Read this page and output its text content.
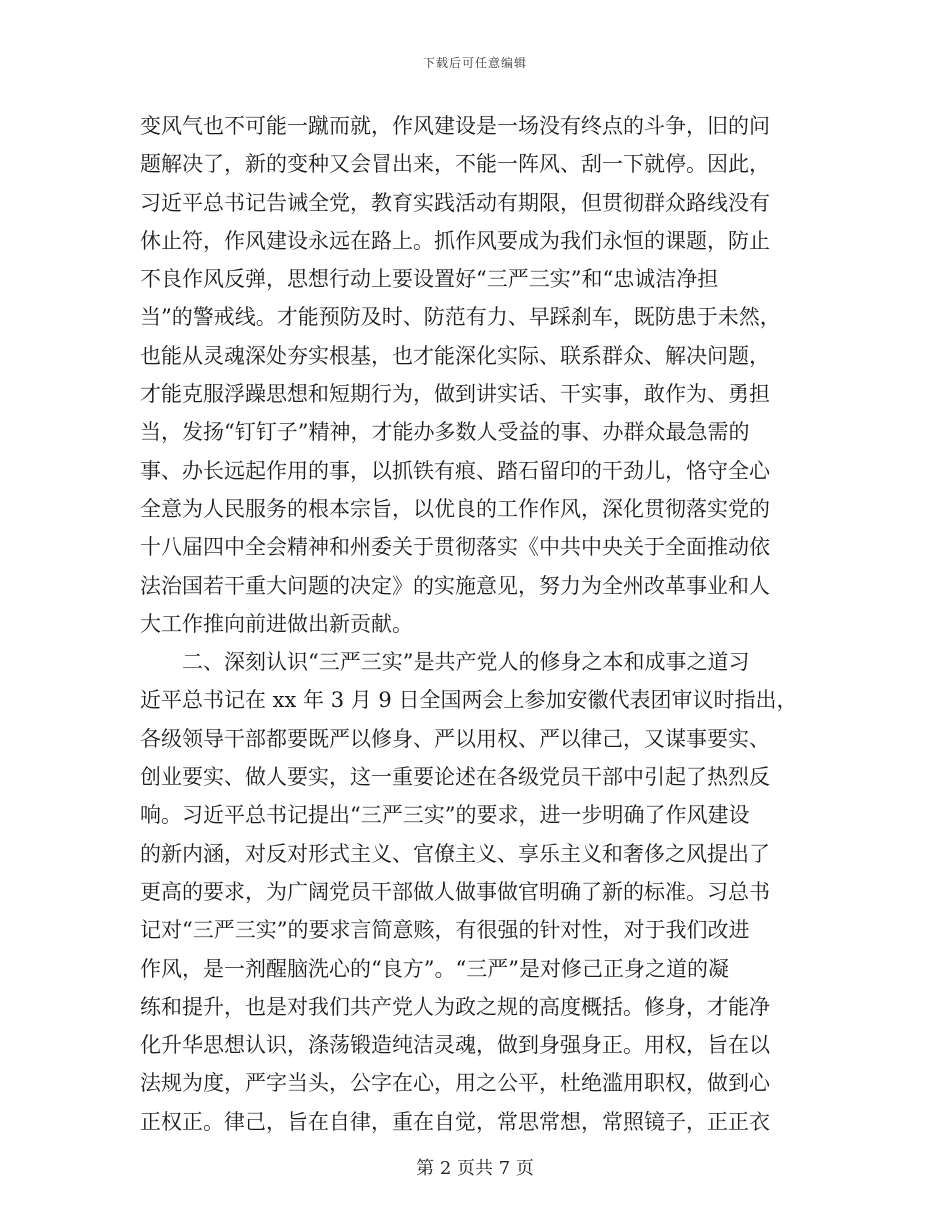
下载后可任意编辑
变风气也不可能一蹴而就，作风建设是一场没有终点的斗争，旧的问
题解决了，新的变种又会冒出来，不能一阵风、刮一下就停。因此，
习近平总书记告诫全党，教育实践活动有期限，但贯彻群众路线没有
休止符，作风建设永远在路上。抓作风要成为我们永恒的课题，防止
不良作风反弹，思想行动上要设置好“三严三实”和“忠诚洁净担
当”的警戒线。才能预防及时、防范有力、早踩刹车，既防患于未然，
也能从灵魂深处夯实根基，也才能深化实际、联系群众、解决问题，
才能克服浮躁思想和短期行为，做到讲实话、干实事，敢作为、勇担
当，发扬“钉钉子”精神，才能办多数人受益的事、办群众最急需的
事、办长远起作用的事，以抓铁有痕、踏石留印的干劲儿，恪守全心
全意为人民服务的根本宗旨，以优良的工作作风，深化贯彻落实党的
十八届四中全会精神和州委关于贯彻落实《中共中央关于全面推动依
法治国若干重大问题的决定》的实施意见，努力为全州改革事业和人
大工作推向前进做出新贡献。
　　二、深刻认识“三严三实”是共产党人的修身之本和成事之道习
近平总书记在 xx 年 3 月 9 日全国两会上参加安徽代表团审议时指出，
各级领导干部都要既严以修身、严以用权、严以律己，又谋事要实、
创业要实、做人要实，这一重要论述在各级党员干部中引起了热烈反
响。习近平总书记提出“三严三实”的要求，进一步明确了作风建设
的新内涵，对反对形式主义、官僚主义、享乐主义和奢侈之风提出了
更高的要求，为广阔党员干部做人做事做官明确了新的标准。习总书
记对“三严三实”的要求言简意赅，有很强的针对性，对于我们改进
作风，是一剂醒脑洗心的“良方”。“三严”是对修己正身之道的凝
练和提升，也是对我们共产党人为政之规的高度概括。修身，才能净
化升华思想认识，涤荡锻造纯洁灵魂，做到身强身正。用权，旨在以
法规为度，严字当头，公字在心，用之公平，杜绝滥用职权，做到心
正权正。律己，旨在自律，重在自觉，常思常想，常照镜子，正正衣
第 2 页共 7 页
